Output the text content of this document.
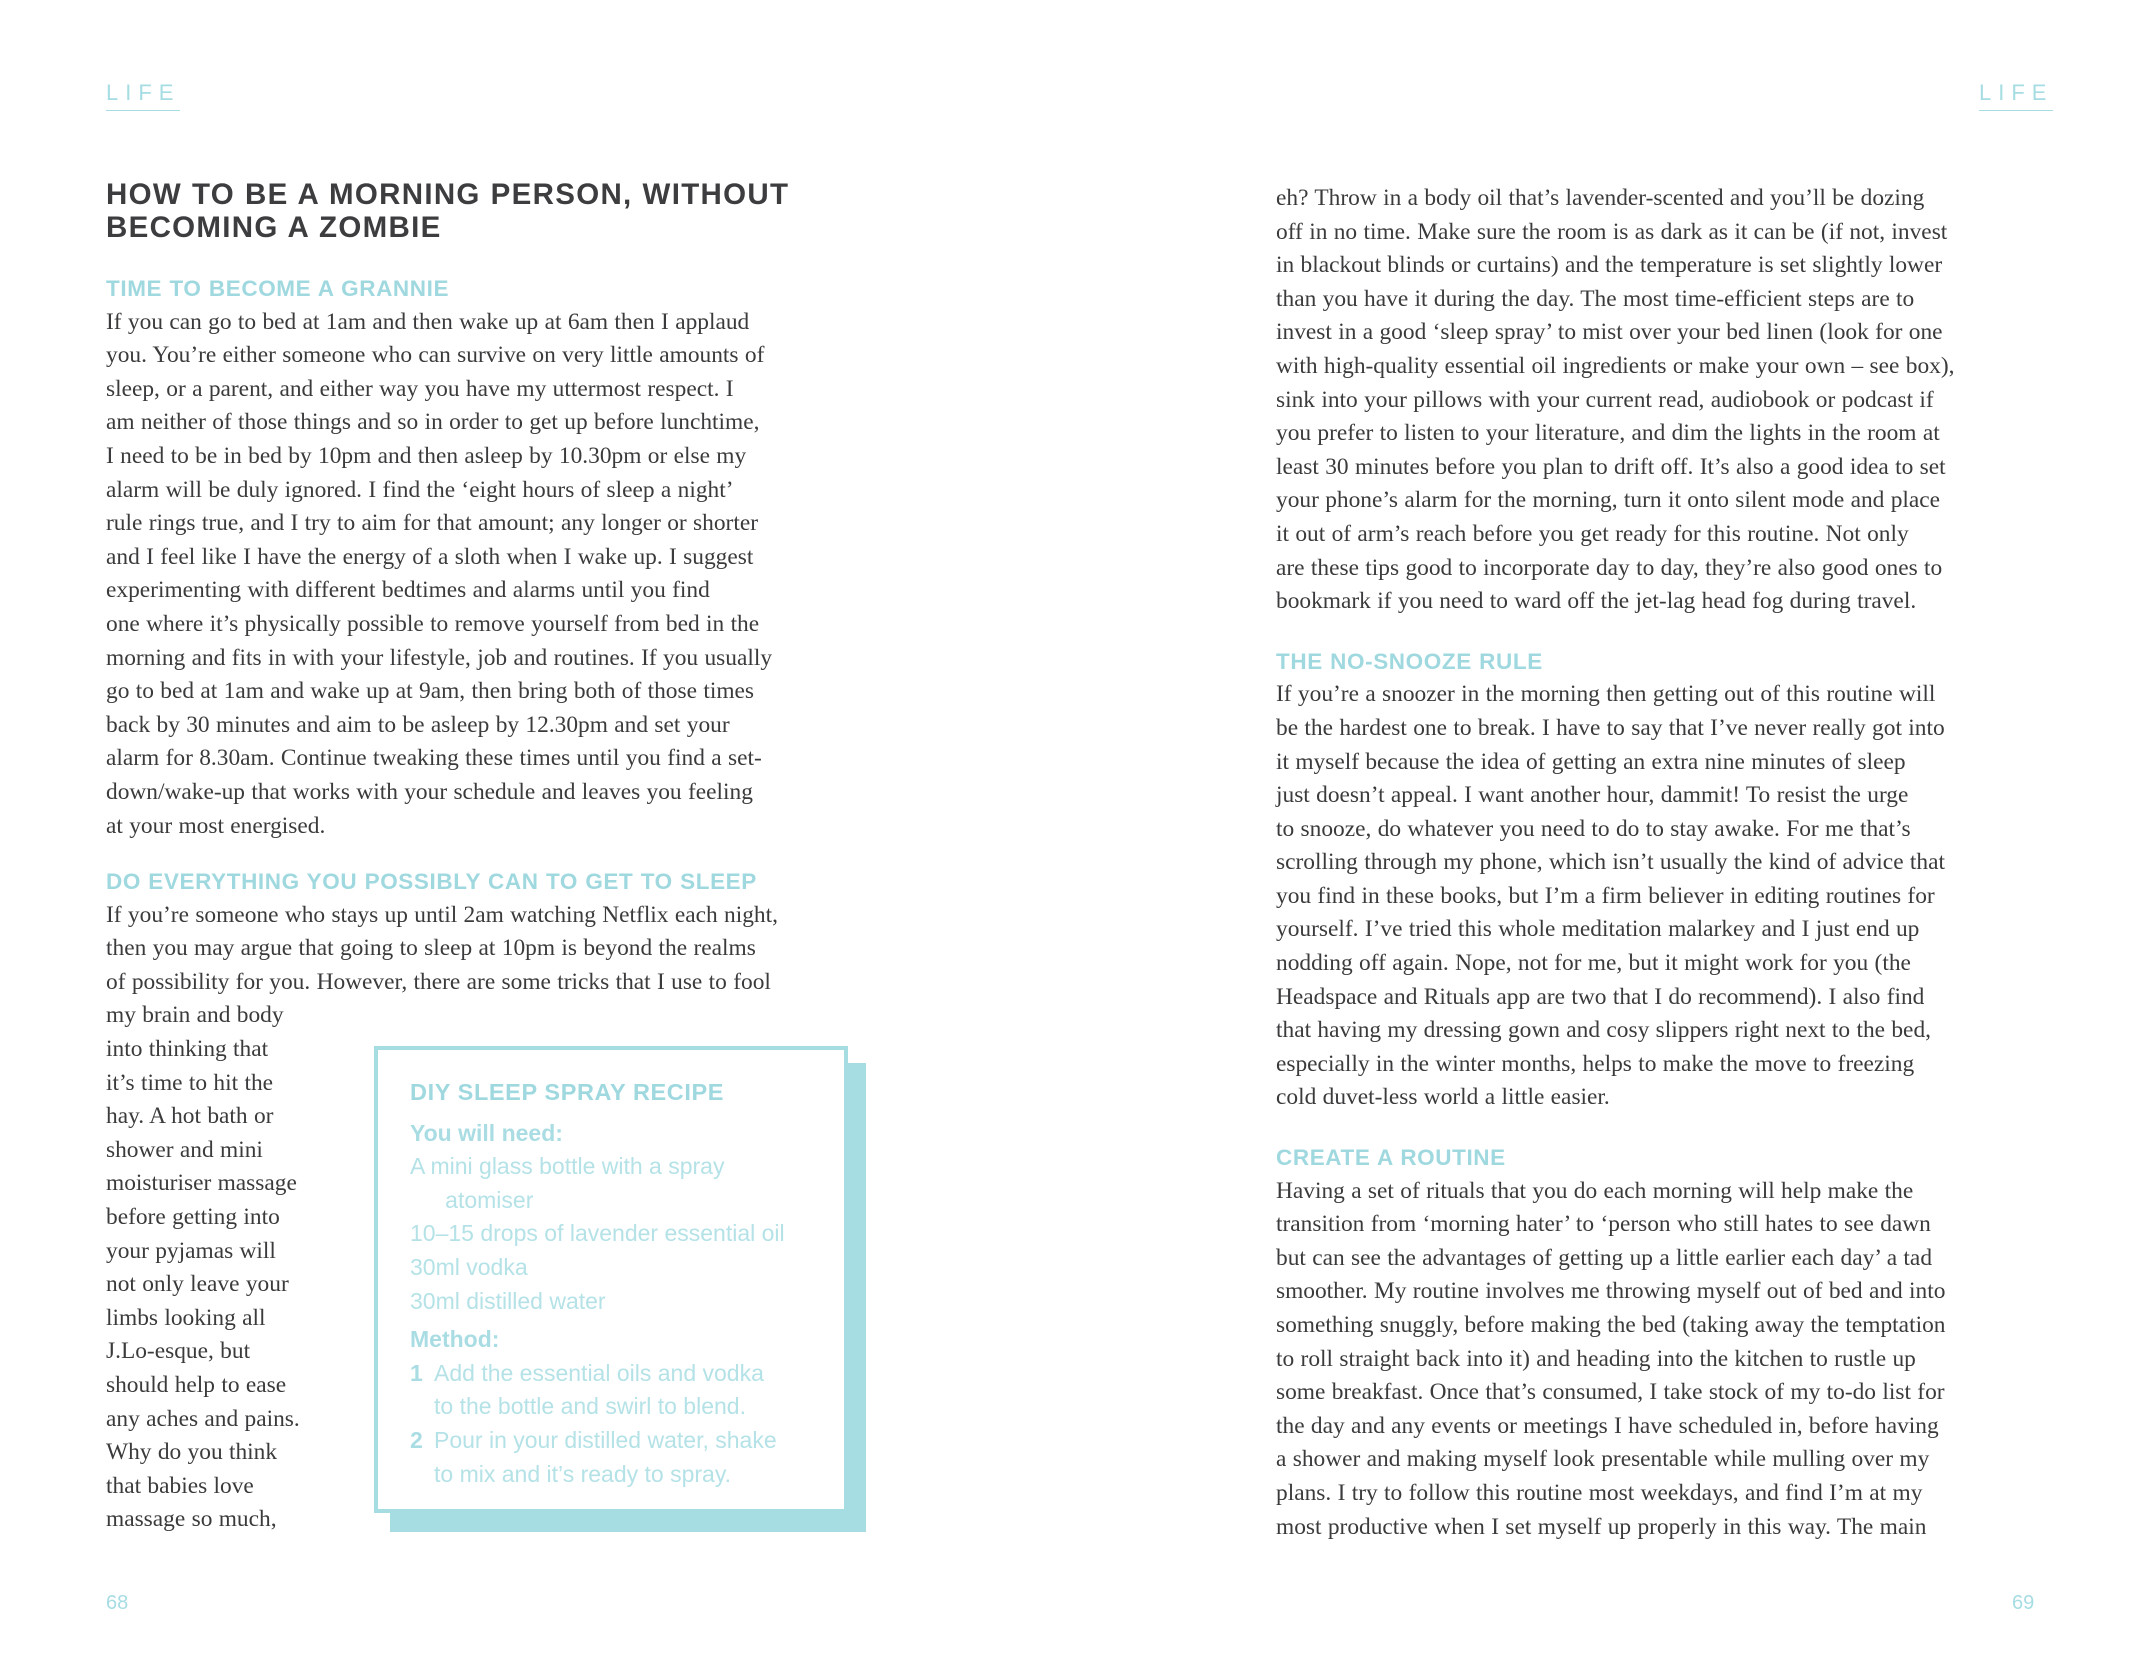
LIFE
HOW TO BE A MORNING PERSON, WITHOUT
BECOMING A ZOMBIE
TIME TO BECOME A GRANNIE

If you can go to bed at 1am and then wake up at 6am then I applaud

you. You’re either someone who can survive on very little amounts of

sleep, or a parent, and either way you have my uttermost respect. I

am neither of those things and so in order to get up before lunchtime,

I need to be in bed by 10pm and then asleep by 10.30pm or else my

alarm will be duly ignored. I find the ‘eight hours of sleep a night’

rule rings true, and I try to aim for that amount; any longer or shorter

and I feel like I have the energy of a sloth when I wake up. I suggest

experimenting with different bedtimes and alarms until you find

one where it’s physically possible to remove yourself from bed in the

morning and fits in with your lifestyle, job and routines. If you usually

go to bed at 1am and wake up at 9am, then bring both of those times

back by 30 minutes and aim to be asleep by 12.30pm and set your

alarm for 8.30am. Continue tweaking these times until you find a set-

down/wake-up that works with your schedule and leaves you feeling

at your most energised.

DO EVERYTHING YOU POSSIBLY CAN TO GET TO SLEEP

If you’re someone who stays up until 2am watching Netflix each night,

then you may argue that going to sleep at 10pm is beyond the realms

of possibility for you. However, there are some tricks that I use to fool

my brain and body

into thinking that

it’s time to hit the

hay. A hot bath or

shower and mini

moisturiser massage

before getting into

your pyjamas will

not only leave your

limbs looking all

J.Lo-esque, but

should help to ease

any aches and pains.

Why do you think

that babies love

massage so much,

DIY SLEEP SPRAY RECIPE
You will need:
A mini glass bottle with a spray
atomiser
10–15 drops of lavender essential oil
30ml vodka
30ml distilled water
Method:
1 Add the essential oils and vodka
to the bottle and swirl to blend.
2 Pour in your distilled water, shake
to mix and it’s ready to spray.
68
LIFE

eh? Throw in a body oil that’s lavender-scented and you’ll be dozing

off in no time. Make sure the room is as dark as it can be (if not, invest

in blackout blinds or curtains) and the temperature is set slightly lower

than you have it during the day. The most time-efficient steps are to

invest in a good ‘sleep spray’ to mist over your bed linen (look for one

with high-quality essential oil ingredients or make your own – see box),

sink into your pillows with your current read, audiobook or podcast if

you prefer to listen to your literature, and dim the lights in the room at

least 30 minutes before you plan to drift off. It’s also a good idea to set

your phone’s alarm for the morning, turn it onto silent mode and place

it out of arm’s reach before you get ready for this routine. Not only

are these tips good to incorporate day to day, they’re also good ones to

bookmark if you need to ward off the jet-lag head fog during travel.

THE NO-SNOOZE RULE

If you’re a snoozer in the morning then getting out of this routine will

be the hardest one to break. I have to say that I’ve never really got into

it myself because the idea of getting an extra nine minutes of sleep

just doesn’t appeal. I want another hour, dammit! To resist the urge

to snooze, do whatever you need to do to stay awake. For me that’s

scrolling through my phone, which isn’t usually the kind of advice that

you find in these books, but I’m a firm believer in editing routines for

yourself. I’ve tried this whole meditation malarkey and I just end up

nodding off again. Nope, not for me, but it might work for you (the

Headspace and Rituals app are two that I do recommend). I also find

that having my dressing gown and cosy slippers right next to the bed,

especially in the winter months, helps to make the move to freezing

cold duvet-less world a little easier.

CREATE A ROUTINE

Having a set of rituals that you do each morning will help make the

transition from ‘morning hater’ to ‘person who still hates to see dawn

but can see the advantages of getting up a little earlier each day’ a tad

smoother. My routine involves me throwing myself out of bed and into

something snuggly, before making the bed (taking away the temptation

to roll straight back into it) and heading into the kitchen to rustle up

some breakfast. Once that’s consumed, I take stock of my to-do list for

the day and any events or meetings I have scheduled in, before having

a shower and making myself look presentable while mulling over my

plans. I try to follow this routine most weekdays, and find I’m at my

most productive when I set myself up properly in this way. The main

69
